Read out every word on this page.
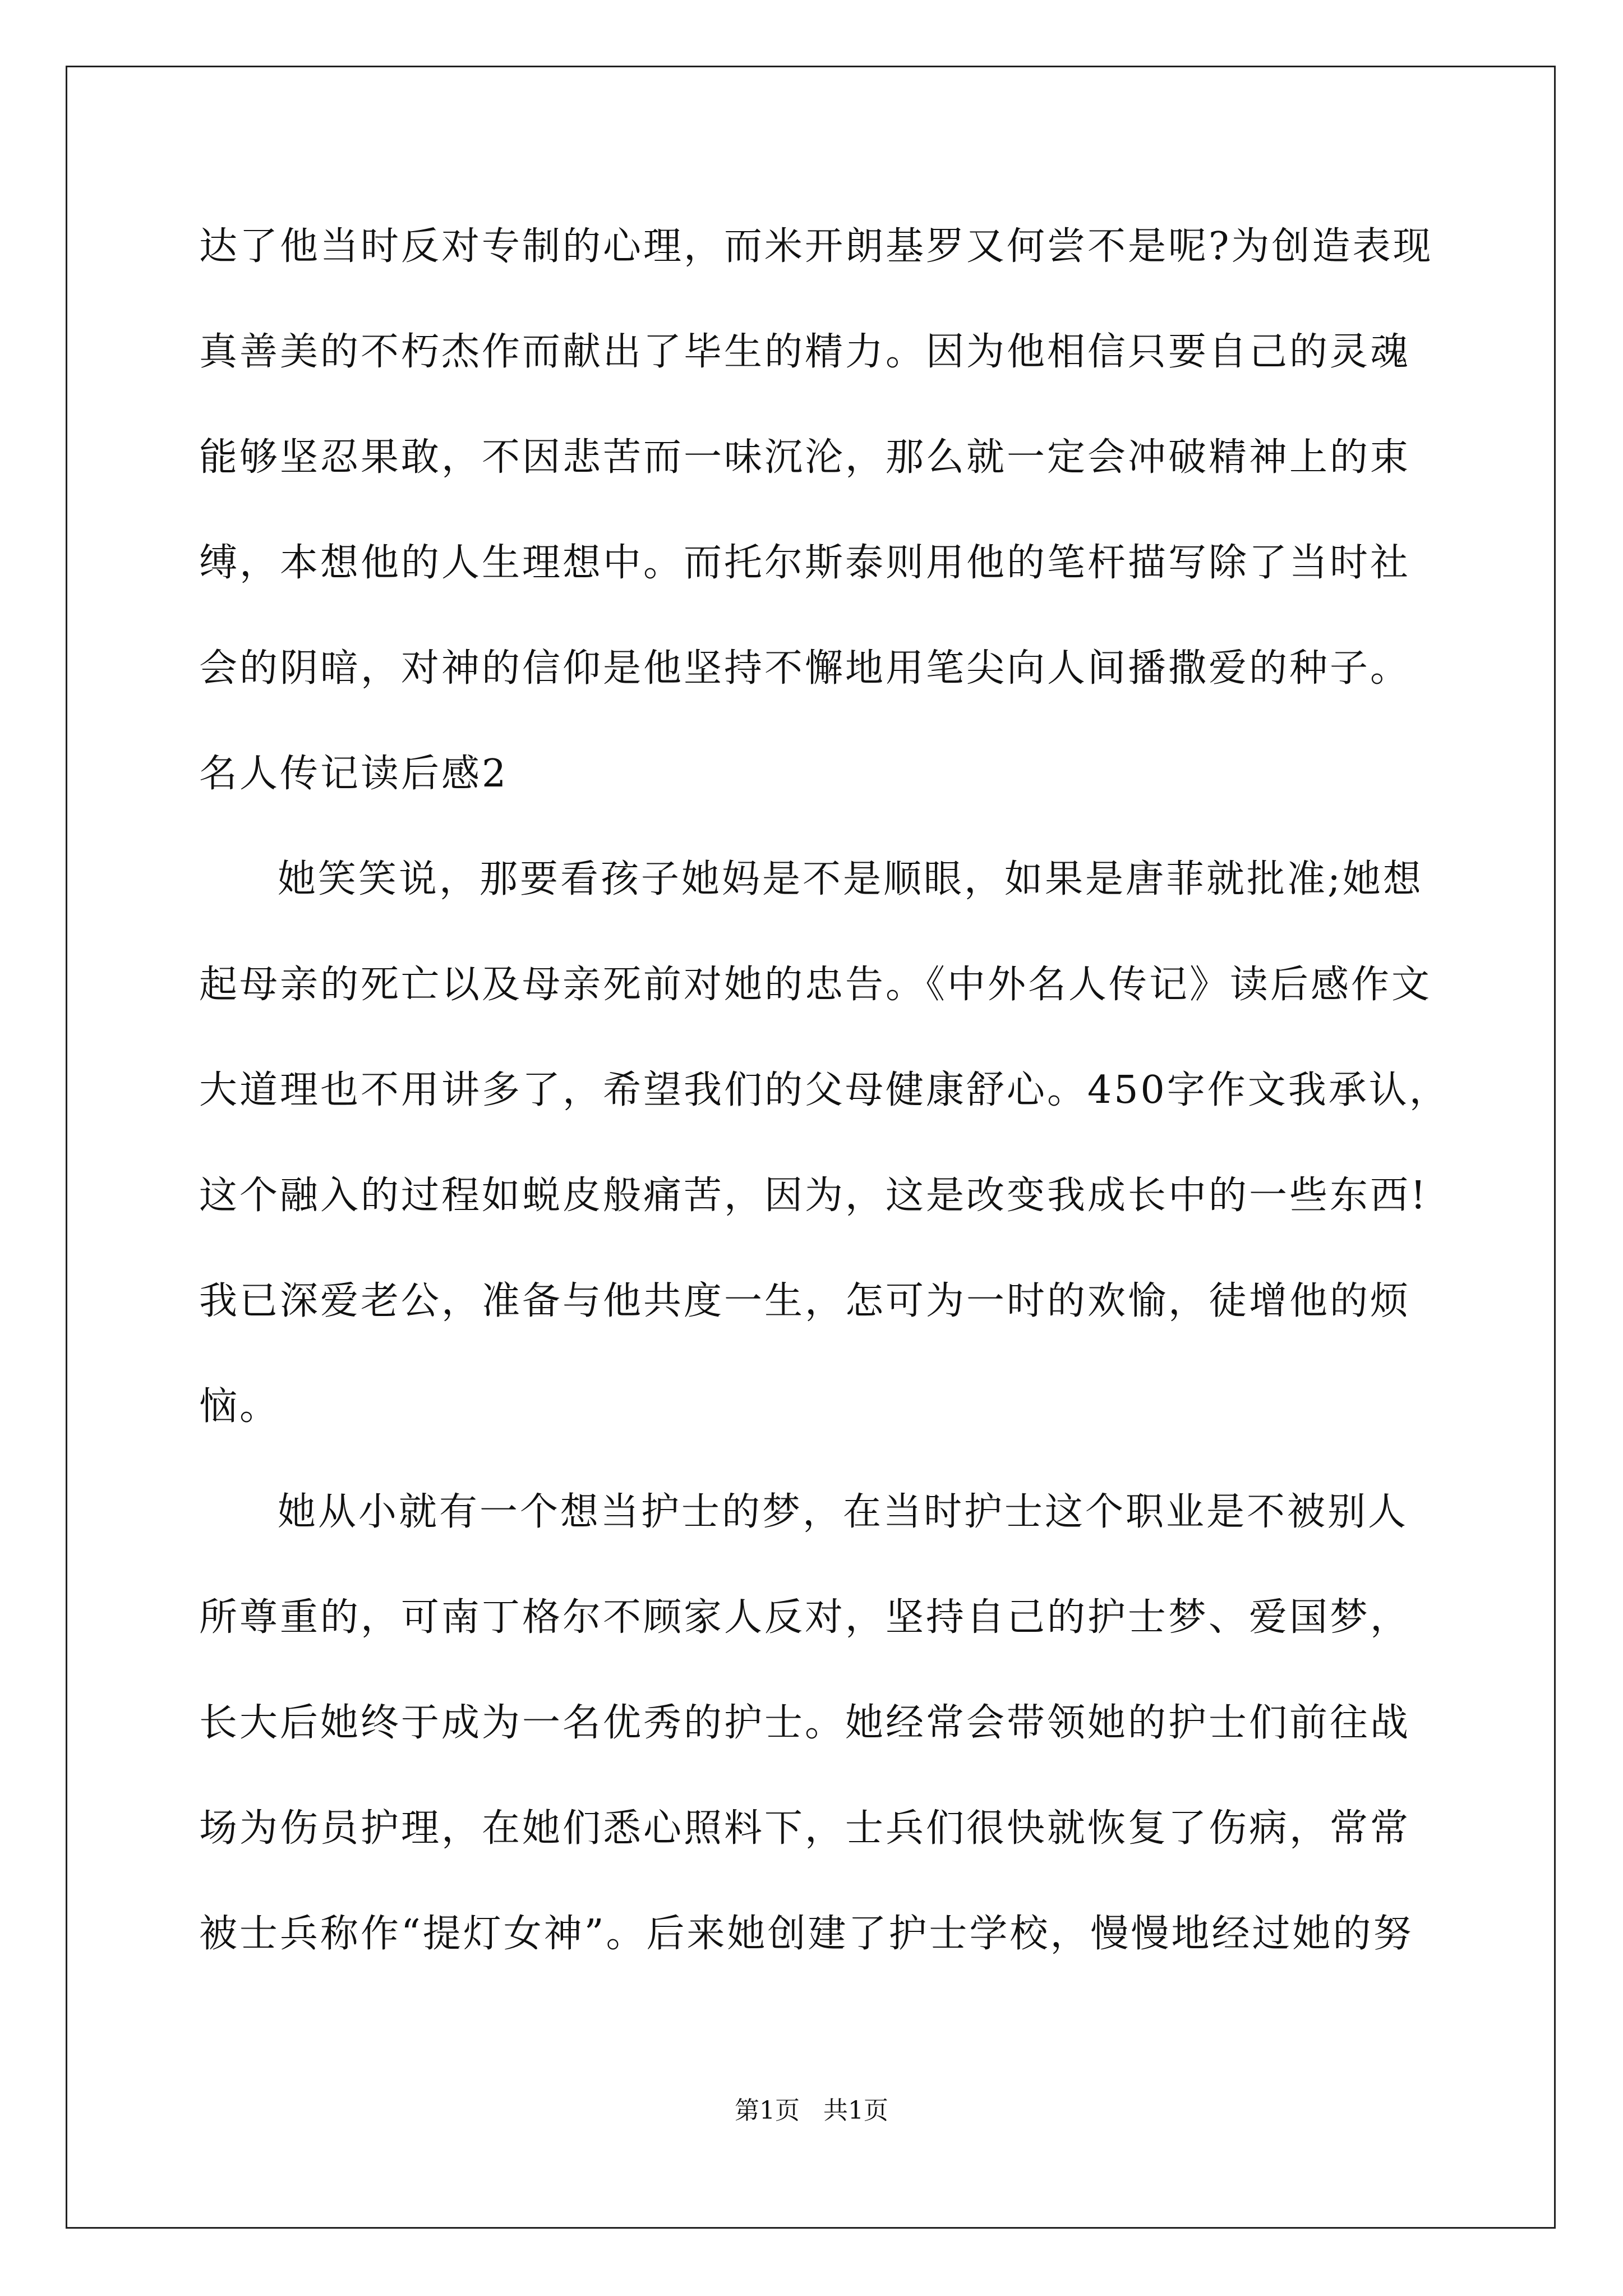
达了他当时反对专制的心理，而米开朗基罗又何尝不是呢?为创造表现
真善美的不朽杰作而献出了毕生的精力。因为他相信只要自己的灵魂
能够坚忍果敢，不因悲苦而一味沉沦，那么就一定会冲破精神上的束
缚，本想他的人生理想中。而托尔斯泰则用他的笔杆描写除了当时社
会的阴暗，对神的信仰是他坚持不懈地用笔尖向人间播撒爱的种子。
名人传记读后感2
她笑笑说，那要看孩子她妈是不是顺眼，如果是唐菲就批准;她想
起母亲的死亡以及母亲死前对她的忠告。《中外名人传记》读后感作文
大道理也不用讲多了，希望我们的父母健康舒心。450字作文我承认，
这个融入的过程如蜕皮般痛苦，因为，这是改变我成长中的一些东西!
我已深爱老公，准备与他共度一生，怎可为一时的欢愉，徒增他的烦
恼。
她从小就有一个想当护士的梦，在当时护士这个职业是不被别人
所尊重的，可南丁格尔不顾家人反对，坚持自己的护士梦、爱国梦，
长大后她终于成为一名优秀的护士。她经常会带领她的护士们前往战
场为伤员护理，在她们悉心照料下，士兵们很快就恢复了伤病，常常
被士兵称作“提灯女神”。后来她创建了护士学校，慢慢地经过她的努
第1页   共1页
